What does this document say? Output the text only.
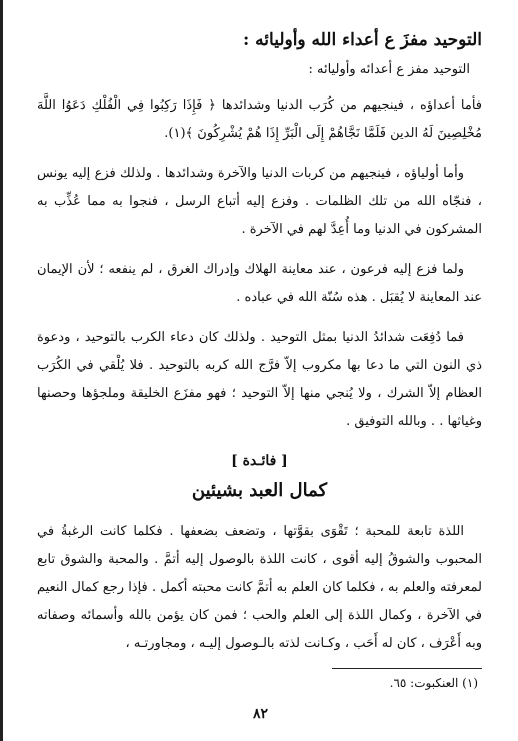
التوحيد مفزَ ع أعداء الله وأوليائه :
التوحيد مفز ع أعدائه وأوليائه :

فأما أعداؤه ، فينجيهم من كُرَب الدنيا وشدائدها ﴿ فَإِذَا رَكِبُوا فِي الْفُلْكِ دَعَوُا اللَّهَ مُخْلِصِينَ لَهُ الدين فَلَمَّا نَجَّاهُمْ إِلَى الْبَرِّ إِذَا هُمْ يُشْرِكُونَ ﴾(١).

وأما أولياؤه ، فينجيهم من كربات الدنيا والآخرة وشدائدها . ولذلك فزع إليه يونس ، فنجّاه الله من تلك الظلمات . وفزع إليه أتباع الرسل ، فنجوا به مما عُذِّب به المشركون في الدنيا وما أُعِدَّ لهم في الآخرة .

ولما فزع إليه فرعون ، عند معاينة الهلاك وإدراك الغرق ، لم ينفعه ؛ لأن الإيمان عند المعاينة لا يُقبَل . هذه سُنّة الله في عباده .

فما دُفِعَت شدائدُ الدنيا بمثل التوحيد . ولذلك كان دعاء الكرب بالتوحيد ، ودعوة ذي النون التي ما دعا بها مكروب إلاّ فرَّج الله كربه بالتوحيد . فلا يُلْقي في الكُرَب العظام إلاّ الشرك ، ولا يُنجي منها إلاّ التوحيد ؛ فهو مفزَع الخليقة وملجؤها وحصنها وغياثها . . وبالله التوفيق .

[ فائـدة ]
كمال العبد بشيئين

اللذة تابعة للمحبة ؛ تَقْوَى بقوَّتها ، وتضعف بضعفها . فكلما كانت الرغبةُ في المحبوب والشوقُ إليه أقوى ، كانت اللذة بالوصول إليه أتمَّ . والمحبة والشوق تابع لمعرفته والعلم به ، فكلما كان العلم به أتمَّ كانت محبته أكمل . فإذا رجع كمال النعيم في الآخرة ، وكمال اللذة إلى العلم والحب ؛ فمن كان يؤمن بالله وأسمائه وصفاته وبه أَعْرَف ، كان له أَحَب ، وكـانت لذته بالـوصول إليـه ، ومجاورتـه ،

(١) العنكبوت: ٦٥.
٨٢
